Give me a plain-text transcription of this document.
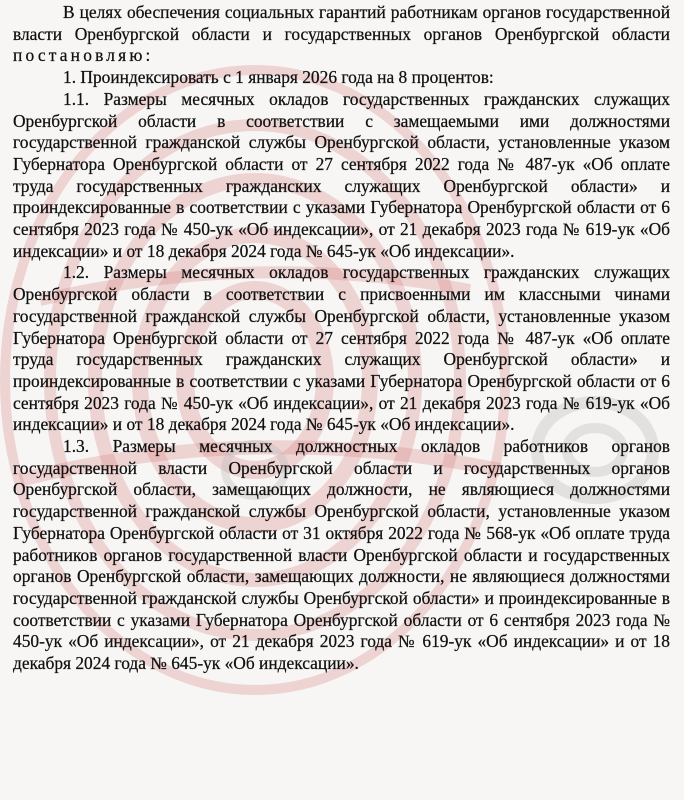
В целях обеспечения социальных гарантий работникам органов государственной власти Оренбургской области и государственных органов Оренбургской области постановляю:

1. Проиндексировать с 1 января 2026 года на 8 процентов:

1.1. Размеры месячных окладов государственных гражданских служащих Оренбургской области в соответствии с замещаемыми ими должностями государственной гражданской службы Оренбургской области, установленные указом Губернатора Оренбургской области от 27 сентября 2022 года № 487-ук «Об оплате труда государственных гражданских служащих Оренбургской области» и проиндексированные в соответствии с указами Губернатора Оренбургской области от 6 сентября 2023 года № 450-ук «Об индексации», от 21 декабря 2023 года № 619-ук «Об индексации» и от 18 декабря 2024 года № 645-ук «Об индексации».

1.2. Размеры месячных окладов государственных гражданских служащих Оренбургской области в соответствии с присвоенными им классными чинами государственной гражданской службы Оренбургской области, установленные указом Губернатора Оренбургской области от 27 сентября 2022 года № 487-ук «Об оплате труда государственных гражданских служащих Оренбургской области» и проиндексированные в соответствии с указами Губернатора Оренбургской области от 6 сентября 2023 года № 450-ук «Об индексации», от 21 декабря 2023 года № 619-ук «Об индексации» и от 18 декабря 2024 года № 645-ук «Об индексации».

1.3. Размеры месячных должностных окладов работников органов государственной власти Оренбургской области и государственных органов Оренбургской области, замещающих должности, не являющиеся должностями государственной гражданской службы Оренбургской области, установленные указом Губернатора Оренбургской области от 31 октября 2022 года № 568-ук «Об оплате труда работников органов государственной власти Оренбургской области и государственных органов Оренбургской области, замещающих должности, не являющиеся должностями государственной гражданской службы Оренбургской области» и проиндексированные в соответствии с указами Губернатора Оренбургской области от 6 сентября 2023 года № 450-ук «Об индексации», от 21 декабря 2023 года № 619-ук «Об индексации» и от 18 декабря 2024 года № 645-ук «Об индексации».
